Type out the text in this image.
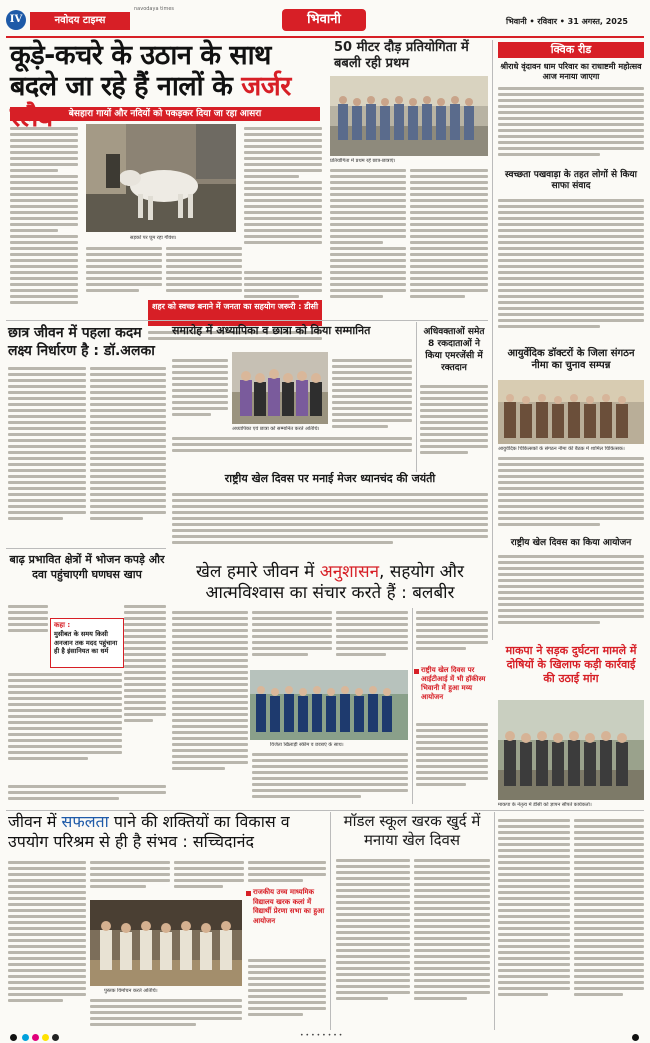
IV	नवोदय टाइम्स
navodaya times
भिवानी	भिवानी • रविवार • 31 अगस्त, 2025
कूड़े-कचरे के उठान के साथ बदले जा रहे हैं नालों के जर्जर
बेसहारा गायों और नदियों को पकड़कर दिया जा रहा आसरा
सड़कों पर घूम रहा गौवंश।
शहर को स्वच्छ बनाने में जनता का सहयोग जरूरी : डीसी
50 मीटर दौड़ प्रतियोगिता में बबली रही प्रथम
प्रतियोगिता में प्रथम रहे छात्र-छात्राएं।
क्विक रीड
श्रीराधे वृंदावन धाम परिवार का राधाष्टमी महोत्सव आज मनाया जाएगा
स्वच्छता पखवाड़ा के तहत लोगों से किया साफा संवाद
आयुर्वेदिक डॉक्टरों के जिला संगठन नीमा का चुनाव सम्पन्न
आयुर्वेदिक चिकित्सकों के संगठन नीमा की बैठक में शामिल चिकित्सक।
राष्ट्रीय खेल दिवस का किया आयोजन
छात्र जीवन में पहला कदम लक्ष्य निर्धारण है : डॉ.अलका
समारोह में अध्यापिका व छात्रा को किया सम्मानित
अध्यापिका एवं छात्रा को सम्मानित करते अतिथि।
अधिवक्ताओं समेत 8 रकदाताओं ने किया एमरजेंसी में रक्तदान
राष्ट्रीय खेल दिवस पर मनाई मेजर ध्यानचंद की जयंती
बाढ़ प्रभावित क्षेत्रों में भोजन कपड़े और दवा पहुंचाएगी घणघस खाप
कहा :
मुसीबत के समय किसी अनजान तक मदद पहुंचाना ही है इंसानियत का धर्म
खेल हमारे जीवन में अनुशासन, सहयोग और आत्मविश्वास का संचार करते हैं : बलबीर
विजेता खिलाड़ी स्कीम व छात्राएं के साथ।
राष्ट्रीय खेल दिवस पर आईटीआई में भी हॉकीस्म भिवानी में हुआ मय्य आयोजन
माकपा ने सड़क दुर्घटना मामले में दोषियों के खिलाफ कड़ी कार्रवाई की उठाई मांग
माकपा के नेतृत्व में डीसी को ज्ञापन सौंपते कार्यकर्ता।
जीवन में सफलता पाने की शक्तियों का विकास व उपयोग परिश्रम से ही है संभव : सच्चिदानंद
पुस्तक विमोचन करते अतिथि।
राजकीय उच्च माध्यमिक विद्यालय खरक कलां में विद्यार्थी प्रेरणा सभा का हुआ आयोजन
मॉडल स्कूल खरक खुर्द में मनाया खेल दिवस
••••••••
